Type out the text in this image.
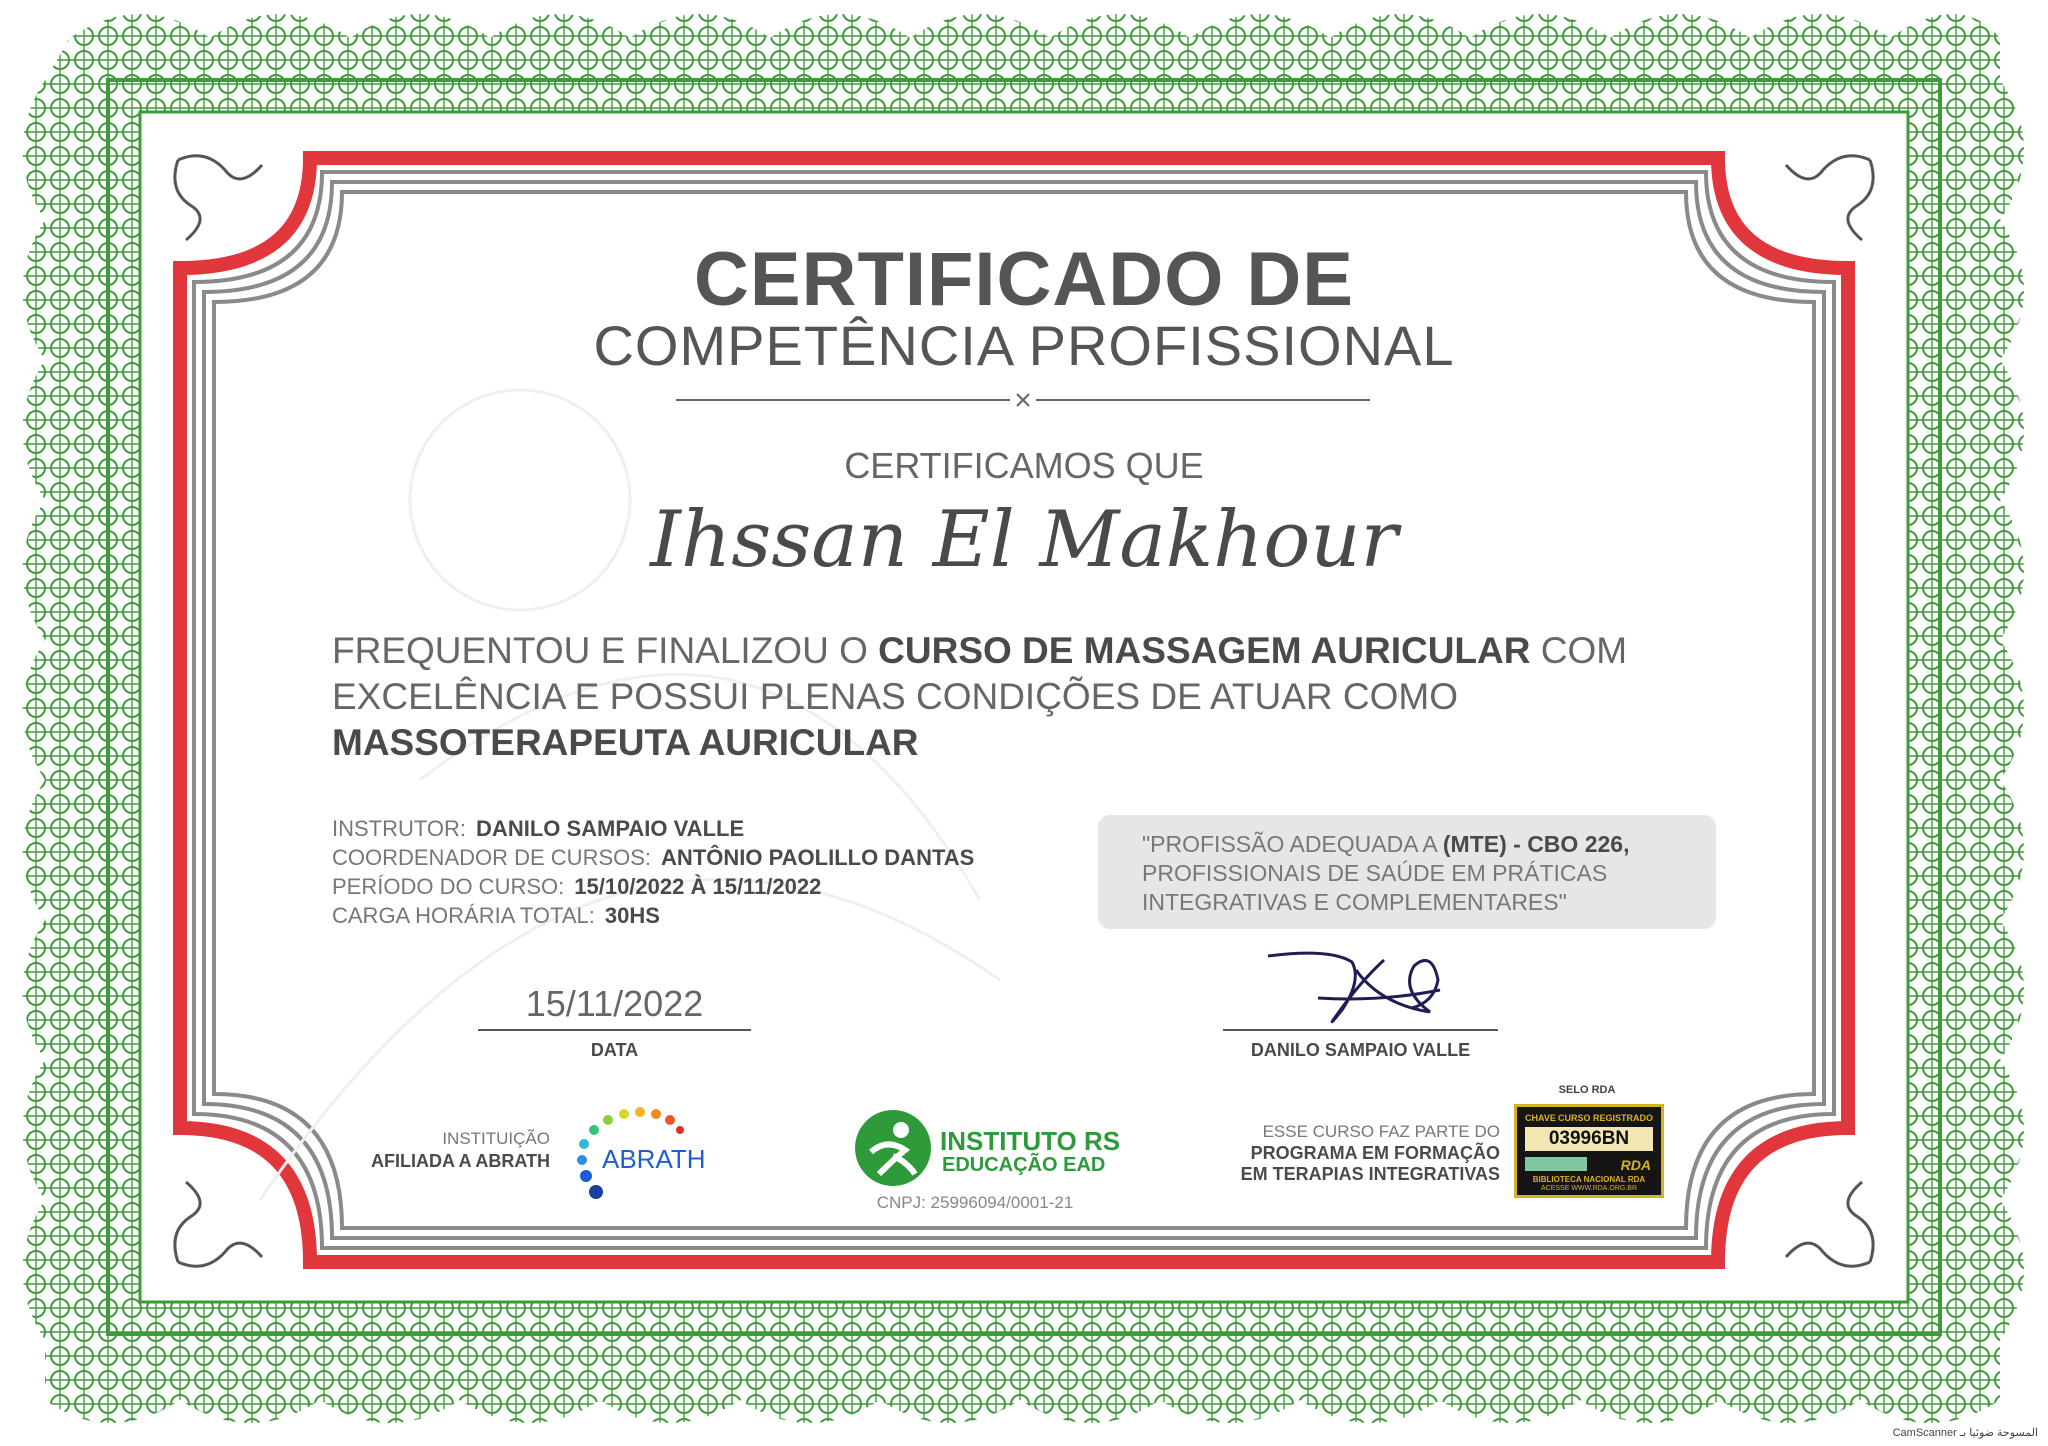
CERTIFICADO DE
COMPETÊNCIA PROFISSIONAL
CERTIFICAMOS QUE
Ihssan El Makhour
FREQUENTOU E FINALIZOU O CURSO DE MASSAGEM AURICULAR COM EXCELÊNCIA E POSSUI PLENAS CONDIÇÕES DE ATUAR COMO
MASSOTERAPEUTA AURICULAR
INSTRUTOR: DANILO SAMPAIO VALLE
COORDENADOR DE CURSOS: ANTÔNIO PAOLILLO DANTAS
PERÍODO DO CURSO: 15/10/2022 À 15/11/2022
CARGA HORÁRIA TOTAL: 30HS
"PROFISSÃO ADEQUADA A (MTE) - CBO 226,
PROFISSIONAIS DE SAÚDE EM PRÁTICAS
INTEGRATIVAS E COMPLEMENTARES"
15/11/2022
DATA	DANILO SAMPAIO VALLE
INSTITUIÇÃO
AFILIADA A ABRATH ABRATH
INSTITUTO RS
EDUCAÇÃO EAD
CNPJ: 25996094/0001-21
ESSE CURSO FAZ PARTE DO
PROGRAMA EM FORMAÇÃO
EM TERAPIAS INTEGRATIVAS
SELO RDA
CHAVE CURSO REGISTRADO
03996BN
RDA
BIBLIOTECA NACIONAL RDA
ACESSE WWW.RDA.ORG.BR
CamScanner المسوحة ضوئيا بـ
